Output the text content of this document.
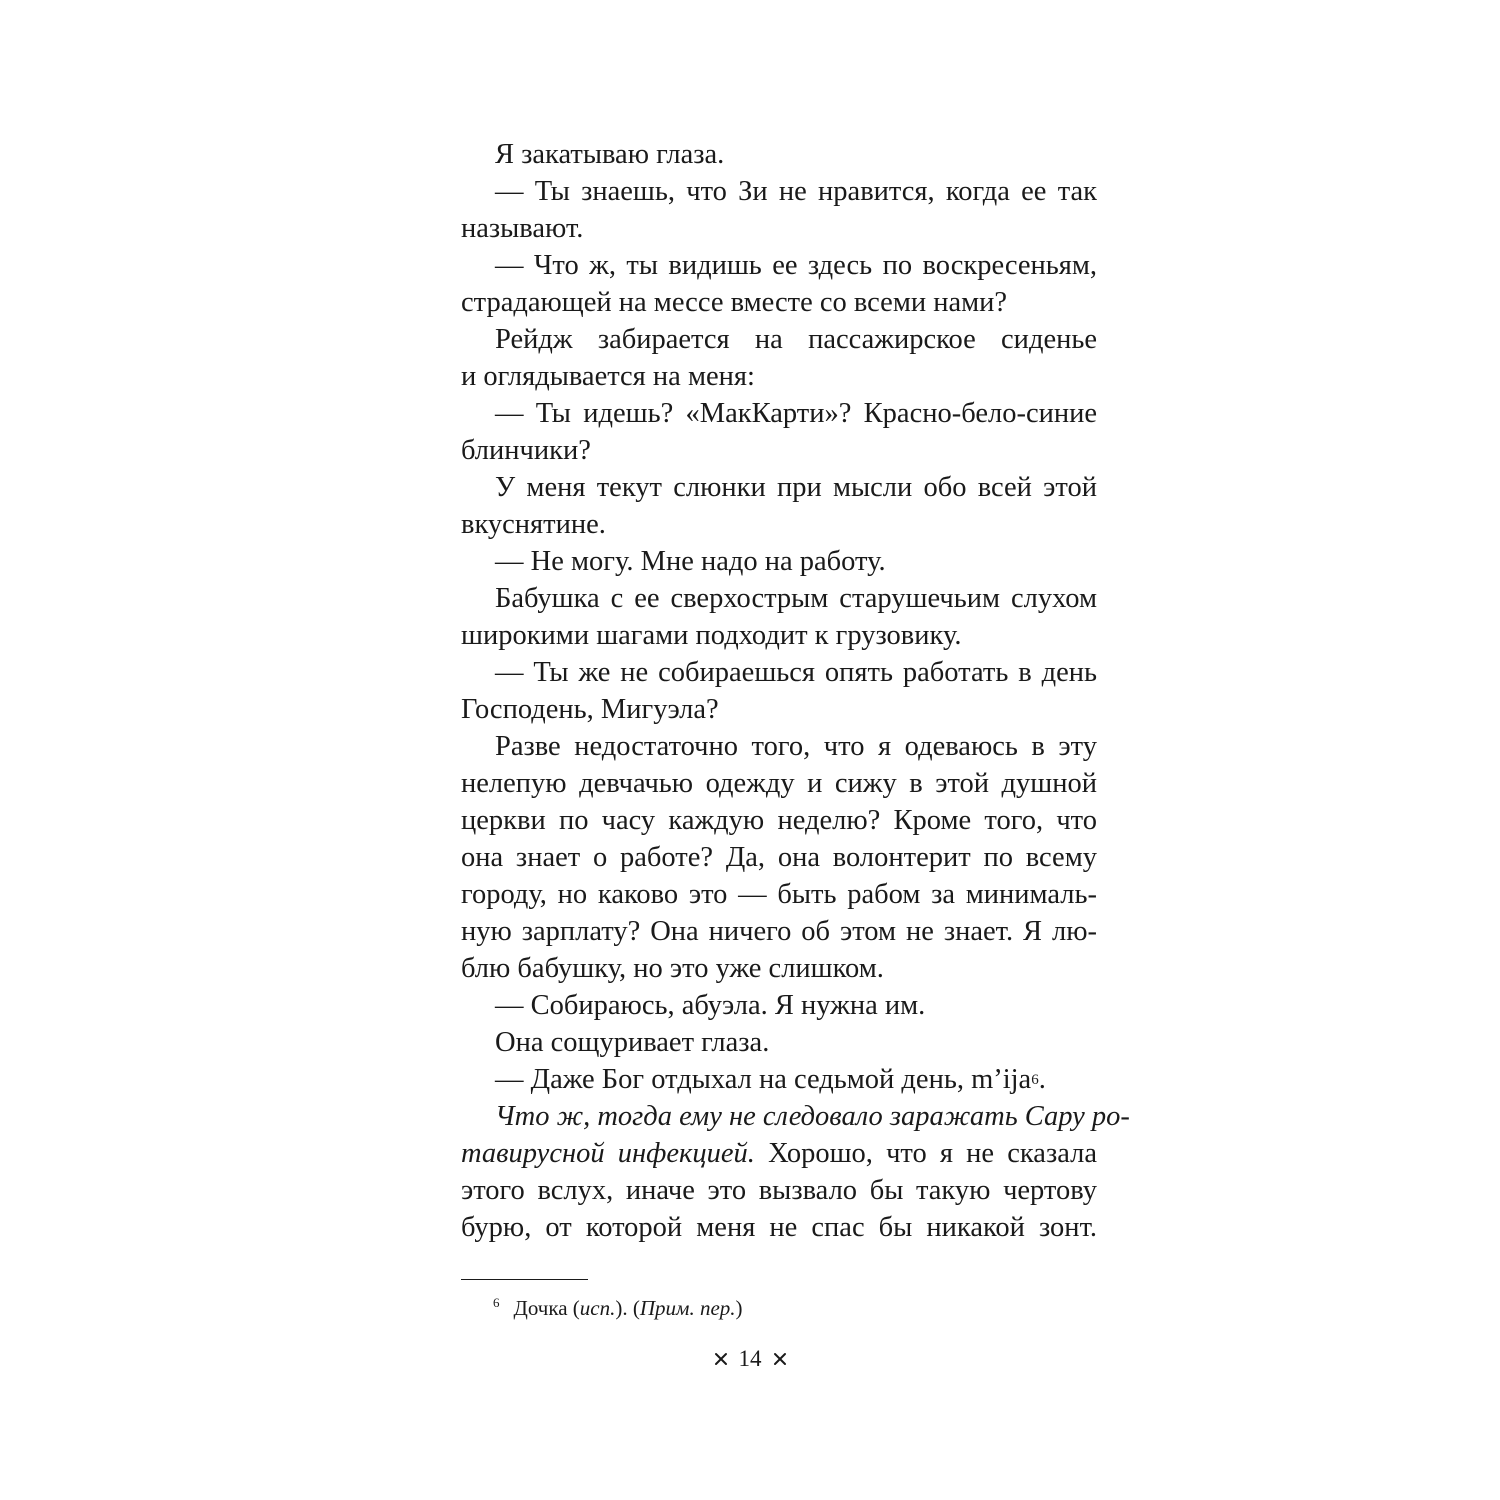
Я закатываю глаза.

— Ты знаешь, что Зи не нравится, когда ее так

называют.

— Что ж, ты видишь ее здесь по воскресеньям,

страдающей на мессе вместе со всеми нами?

Рейдж забирается на пассажирское сиденье

и оглядывается на меня:

— Ты идешь? «МакКарти»? Красно-бело-синие

блинчики?

У меня текут слюнки при мысли обо всей этой

вкуснятине.

— Не могу. Мне надо на работу.

Бабушка с ее сверхострым старушечьим слухом

широкими шагами подходит к грузовику.

— Ты же не собираешься опять работать в день

Господень, Мигуэла?

Разве недостаточно того, что я одеваюсь в эту

нелепую девчачью одежду и сижу в этой душной

церкви по часу каждую неделю? Кроме того, что

она знает о работе? Да, она волонтерит по всему

городу, но каково это — быть рабом за минималь-

ную зарплату? Она ничего об этом не знает. Я лю-

блю бабушку, но это уже слишком.

— Собираюсь, абуэла. Я нужна им.

Она сощуривает глаза.

— Даже Бог отдыхал на седьмой день, m’ija$^6$.

Что ж, тогда ему не следовало заражать Сару ро-

тавирусной инфекцией. Хорошо, что я не сказала

этого вслух, иначе это вызвало бы такую чертову

бурю, от которой меня не спас бы никакой зонт.

$^6$ Дочка (исп.). (Прим. пер.)
14
